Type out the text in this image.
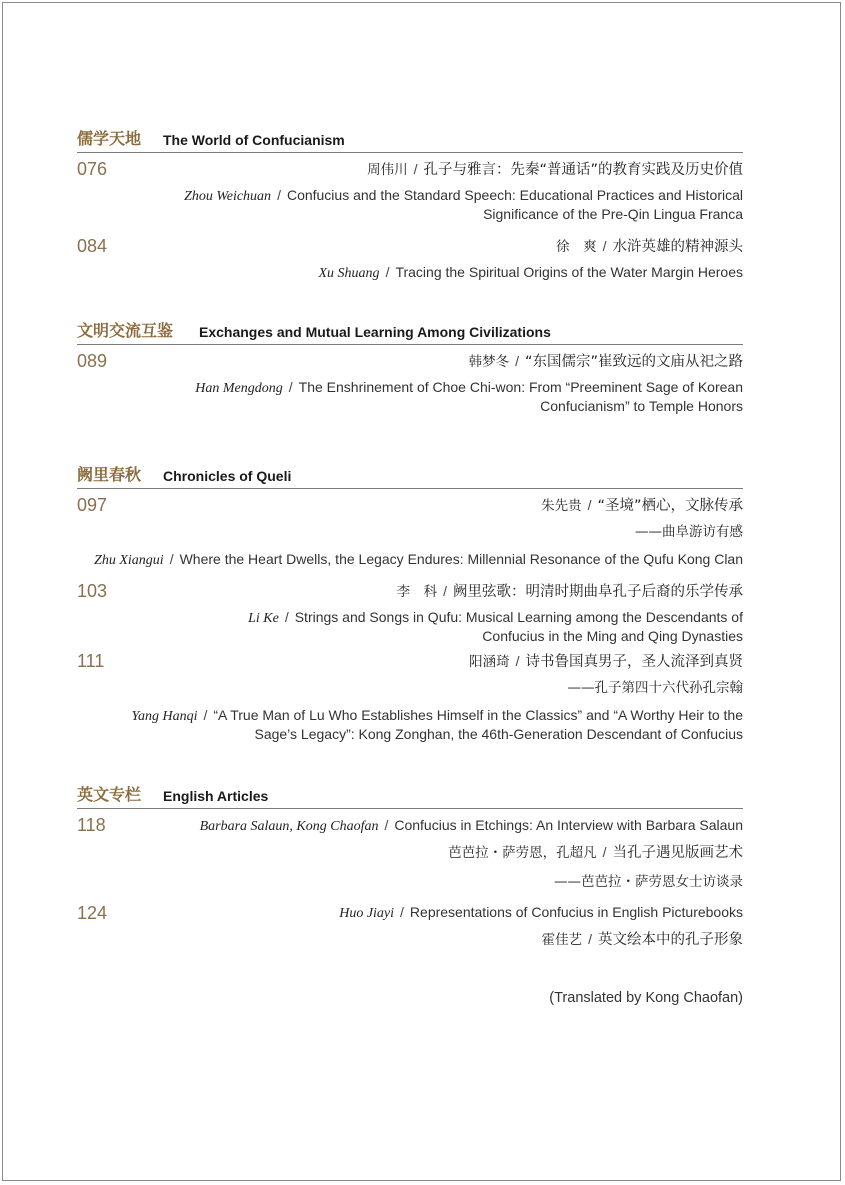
儒学天地 The World of Confucianism
076	周伟川 / 孔子与雅言：先秦“普通话”的教育实践及历史价值
Zhou Weichuan / Confucius and the Standard Speech: Educational Practices and Historical
Significance of the Pre-Qin Lingua Franca
084	徐　爽 / 水浒英雄的精神源头
Xu Shuang / Tracing the Spiritual Origins of the Water Margin Heroes
文明交流互鉴 Exchanges and Mutual Learning Among Civilizations
089	韩梦冬 / “东国儒宗”崔致远的文庙从祀之路
Han Mengdong / The Enshrinement of Choe Chi-won: From “Preeminent Sage of Korean
Confucianism” to Temple Honors
阙里春秋 Chronicles of Queli
097	朱先贵 / “圣境”栖心，文脉传承
——曲阜游访有感
Zhu Xiangui / Where the Heart Dwells, the Legacy Endures: Millennial Resonance of the Qufu Kong Clan
103	李　科 / 阙里弦歌：明清时期曲阜孔子后裔的乐学传承
Li Ke / Strings and Songs in Qufu: Musical Learning among the Descendants of
Confucius in the Ming and Qing Dynasties
111	阳涵琦 / 诗书鲁国真男子，圣人流泽到真贤
——孔子第四十六代孙孔宗翰
Yang Hanqi / “A True Man of Lu Who Establishes Himself in the Classics” and “A Worthy Heir to the
Sage’s Legacy”: Kong Zonghan, the 46th-Generation Descendant of Confucius
英文专栏 English Articles
118	Barbara Salaun, Kong Chaofan / Confucius in Etchings: An Interview with Barbara Salaun
芭芭拉・萨劳恩，孔超凡 / 当孔子遇见版画艺术
——芭芭拉・萨劳恩女士访谈录
124	Huo Jiayi / Representations of Confucius in English Picturebooks
霍佳艺 / 英文绘本中的孔子形象
(Translated by Kong Chaofan)
